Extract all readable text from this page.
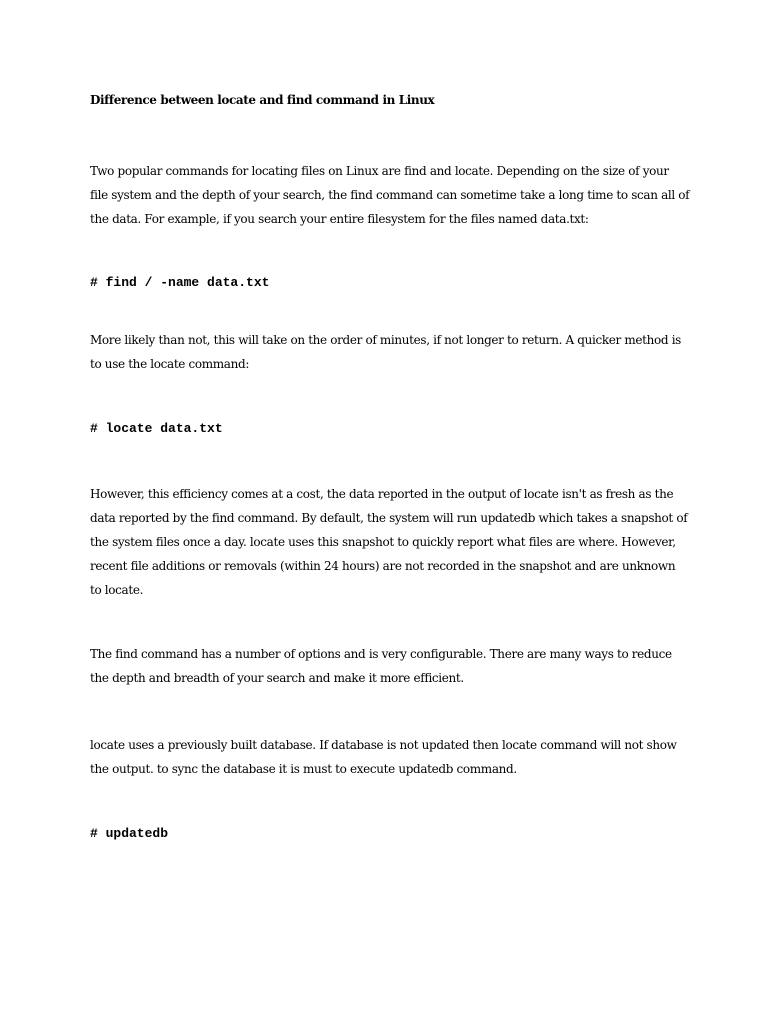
Difference between locate and find command in Linux
Two popular commands for locating files on Linux are find and locate. Depending on the size of your
file system and the depth of your search, the find command can sometime take a long time to scan all of
the data. For example, if you search your entire filesystem for the files named data.txt:
# find / -name data.txt
More likely than not, this will take on the order of minutes, if not longer to return. A quicker method is
to use the locate command:
# locate data.txt
However, this efficiency comes at a cost, the data reported in the output of locate isn't as fresh as the
data reported by the find command. By default, the system will run updatedb which takes a snapshot of
the system files once a day. locate uses this snapshot to quickly report what files are where. However,
recent file additions or removals (within 24 hours) are not recorded in the snapshot and are unknown
to locate.
The find command has a number of options and is very configurable. There are many ways to reduce
the depth and breadth of your search and make it more efficient.
locate uses a previously built database. If database is not updated then locate command will not show
the output. to sync the database it is must to execute updatedb command.
# updatedb
